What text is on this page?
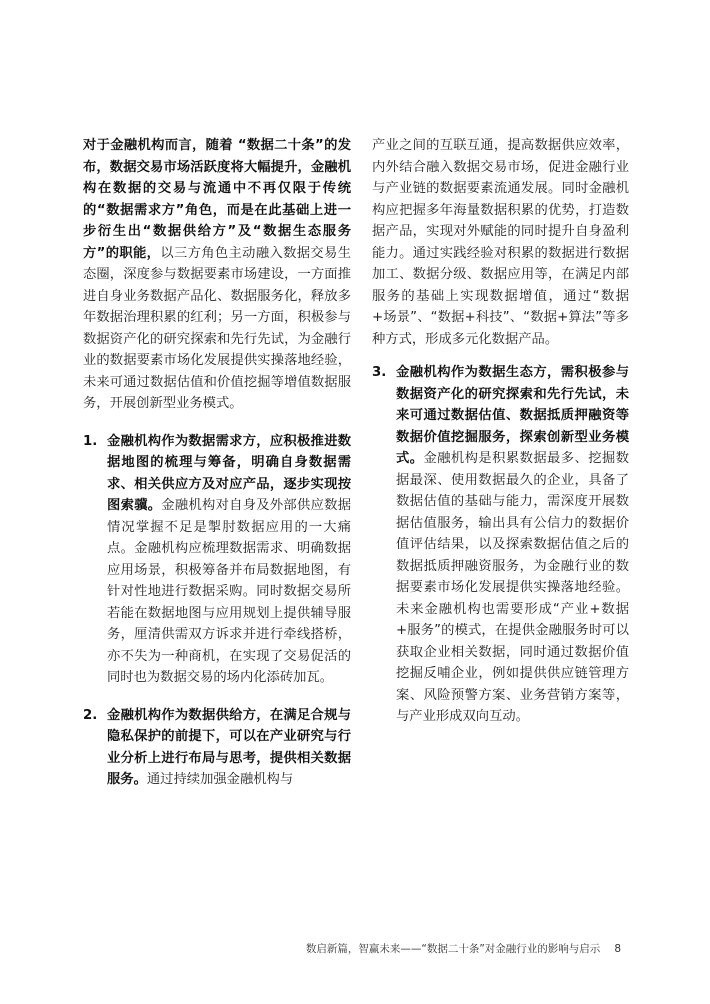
对于金融机构而言，随着 “数据二十条”的发布，数据交易市场活跃度将大幅提升，金融机构在数据的交易与流通中不再仅限于传统的“数据需求方”角色，而是在此基础上进一步衍生出“数据供给方”及“数据生态服务方”的职能，以三方角色主动融入数据交易生态圈，深度参与数据要素市场建设，一方面推进自身业务数据产品化、数据服务化，释放多年数据治理积累的红利；另一方面，积极参与数据资产化的研究探索和先行先试，为金融行业的数据要素市场化发展提供实操落地经验，未来可通过数据估值和价值挖掘等增值数据服务，开展创新型业务模式。

1. 金融机构作为数据需求方，应积极推进数据地图的梳理与筹备，明确自身数据需求、相关供应方及对应产品，逐步实现按图索骥。金融机构对自身及外部供应数据情况掌握不足是掣肘数据应用的一大痛点。金融机构应梳理数据需求、明确数据应用场景，积极筹备并布局数据地图，有针对性地进行数据采购。同时数据交易所若能在数据地图与应用规划上提供辅导服务，厘清供需双方诉求并进行牵线搭桥，亦不失为一种商机，在实现了交易促活的同时也为数据交易的场内化添砖加瓦。

2. 金融机构作为数据供给方，在满足合规与隐私保护的前提下，可以在产业研究与行业分析上进行布局与思考，提供相关数据服务。通过持续加强金融机构与

产业之间的互联互通，提高数据供应效率，内外结合融入数据交易市场，促进金融行业与产业链的数据要素流通发展。同时金融机构应把握多年海量数据积累的优势，打造数据产品，实现对外赋能的同时提升自身盈利能力。通过实践经验对积累的数据进行数据加工、数据分级、数据应用等，在满足内部服务的基础上实现数据增值，通过“数据+场景”、“数据+科技”、“数据+算法”等多种方式，形成多元化数据产品。

3. 金融机构作为数据生态方，需积极参与数据资产化的研究探索和先行先试，未来可通过数据估值、数据抵质押融资等数据价值挖掘服务，探索创新型业务模式。金融机构是积累数据最多、挖掘数据最深、使用数据最久的企业，具备了数据估值的基础与能力，需深度开展数据估值服务，输出具有公信力的数据价值评估结果，以及探索数据估值之后的数据抵质押融资服务，为金融行业的数据要素市场化发展提供实操落地经验。未来金融机构也需要形成“产业+数据+服务”的模式，在提供金融服务时可以获取企业相关数据，同时通过数据价值挖掘反哺企业，例如提供供应链管理方案、风险预警方案、业务营销方案等，与产业形成双向互动。

数启新篇，智赢未来——“数据二十条”对金融行业的影响与启示 8
